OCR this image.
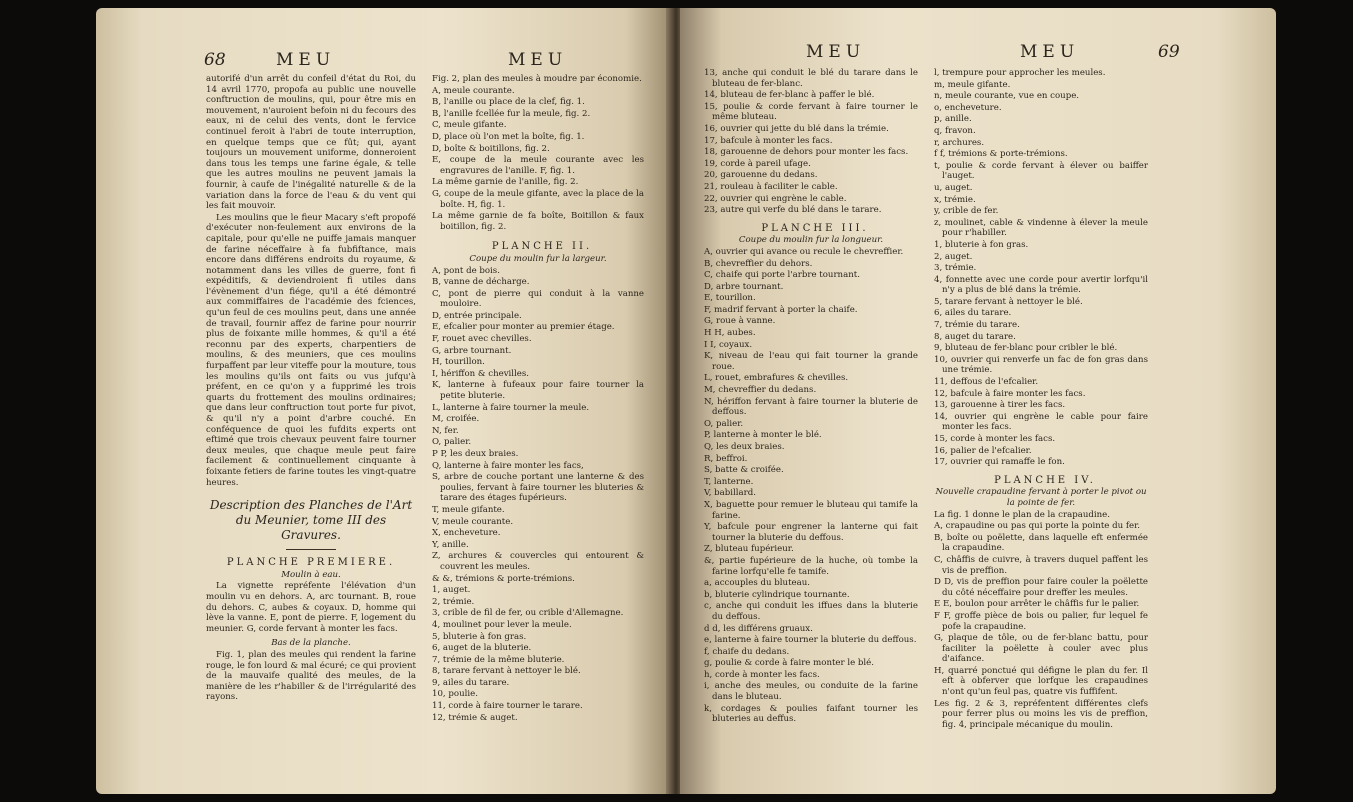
68	MEU	MEU

autorifé d'un arrêt du confeil d'état du Roi, du 14 avril 1770, propofa au public une nouvelle conftruction de moulins, qui, pour être mis en mouvement, n'auroient befoin ni du fecours des eaux, ni de celui des vents, dont le fervice continuel feroit à l'abri de toute interruption, en quelque temps que ce fût; qui, ayant toujours un mouvement uniforme, donneroient dans tous les temps une farine égale, & telle que les autres moulins ne peuvent jamais la fournir, à caufe de l'inégalité naturelle & de la variation dans la force de l'eau & du vent qui les fait mouvoir.

Les moulins que le fieur Macary s'eft propofé d'exécuter non-feulement aux environs de la capitale, pour qu'elle ne puiffe jamais manquer de farine néceffaire à fa fubfiftance, mais encore dans différens endroits du royaume, & notamment dans les villes de guerre, font fi expéditifs, & deviendroient fi utiles dans l'évènement d'un fiége, qu'il a été démontré aux commiffaires de l'académie des fciences, qu'un feul de ces moulins peut, dans une année de travail, fournir affez de farine pour nourrir plus de foixante mille hommes, & qu'il a été reconnu par des experts, charpentiers de moulins, & des meuniers, que ces moulins furpaffent par leur viteffe pour la mouture, tous les moulins qu'ils ont faits ou vus jufqu'à préfent, en ce qu'on y a fupprimé les trois quarts du frottement des moulins ordinaires; que dans leur conftruction tout porte fur pivot, & qu'il n'y a point d'arbre couché. En conféquence de quoi les fufdits experts ont eftimé que trois chevaux peuvent faire tourner deux meules, que chaque meule peut faire facilement & continuellement cinquante à foixante fetiers de farine toutes les vingt-quatre heures.

Description des Planches de l'Art du Meunier, tome III des Gravures.

PLANCHE PREMIERE.

Moulin à eau.

La vignette repréfente l'élévation d'un moulin vu en dehors. A, arc tournant. B, roue du dehors. C, aubes & coyaux. D, homme qui lève la vanne. E, pont de pierre. F, logement du meunier. G, corde fervant à monter les facs.

Bas de la planche.

Fig. 1, plan des meules qui rendent la farine rouge, le fon lourd & mal écuré; ce qui provient de la mauvaife qualité des meules, de la manière de les r'habiller & de l'irrégularité des rayons.

Fig. 2, plan des meules à moudre par économie.

A, meule courante.

B, l'anille ou place de la clef, fig. 1.

B, l'anille fcellée fur la meule, fig. 2.

C, meule gifante.

D, place où l'on met la boîte, fig. 1.

D, boîte & boitillons, fig. 2.

E, coupe de la meule courante avec les engravures de l'anille. F, fig. 1.

La même garnie de l'anille, fig. 2.

G, coupe de la meule gifante, avec la place de la boîte. H, fig. 1.

La même garnie de fa boîte, Boitillon & faux boitillon, fig. 2.

PLANCHE II.

Coupe du moulin fur la largeur.

A, pont de bois.

B, vanne de décharge.

C, pont de pierre qui conduit à la vanne mouloire.

D, entrée principale.

E, efcalier pour monter au premier étage.

F, rouet avec chevilles.

G, arbre tournant.

H, tourillon.

I, hériffon & chevilles.

K, lanterne à fufeaux pour faire tourner la petite bluterie.

L, lanterne à faire tourner la meule.

M, croifée.

N, fer.

O, palier.

P P, les deux braies.

Q, lanterne à faire monter les facs,

S, arbre de couche portant une lanterne & des poulies, fervant à faire tourner les bluteries & tarare des étages fupérieurs.

T, meule gifante.

V, meule courante.

X, encheveture.

Y, anille.

Z, archures & couvercles qui entourent & couvrent les meules.

& &, trémions & porte-trémions.

1, auget.

2, trémie.

3, crible de fil de fer, ou crible d'Allemagne.

4, moulinet pour lever la meule.

5, bluterie à fon gras.

6, auget de la bluterie.

7, trémie de la même bluterie.

8, tarare fervant à nettoyer le blé.

9, ailes du tarare.

10, poulie.

11, corde à faire tourner le tarare.

12, trémie & auget.

MEU	MEU	69

13, anche qui conduit le blé du tarare dans le bluteau de fer-blanc.

14, bluteau de fer-blanc à paffer le blé.

15, poulie & corde fervant à faire tourner le même bluteau.

16, ouvrier qui jette du blé dans la trémie.

17, bafcule à monter les facs.

18, garouenne de dehors pour monter les facs.

19, corde à pareil ufage.

20, garouenne du dedans.

21, rouleau à faciliter le cable.

22, ouvrier qui engrène le cable.

23, autre qui verfe du blé dans le tarare.

PLANCHE III.

Coupe du moulin fur la longueur.

A, ouvrier qui avance ou recule le chevreffier.

B, chevreffier du dehors.

C, chaife qui porte l'arbre tournant.

D, arbre tournant.

E, tourillon.

F, madrif fervant à porter la chaife.

G, roue à vanne.

H H, aubes.

I I, coyaux.

K, niveau de l'eau qui fait tourner la grande roue.

L, rouet, embrafures & chevilles.

M, chevreffier du dedans.

N, hériffon fervant à faire tourner la bluterie de deffous.

O, palier.

P, lanterne à monter le blé.

Q, les deux braies.

R, beffroi.

S, batte & croifée.

T, lanterne.

V, babillard.

X, baguette pour remuer le bluteau qui tamife la farine.

Y, bafcule pour engrener la lanterne qui fait tourner la bluterie du deffous.

Z, bluteau fupérieur.

&, partie fupérieure de la huche, où tombe la farine lorfqu'elle fe tamife.

a, accouples du bluteau.

b, bluterie cylindrique tournante.

c, anche qui conduit les iffues dans la bluterie du deffous.

d d, les différens gruaux.

e, lanterne à faire tourner la bluterie du deffous.

f, chaife du dedans.

g, poulie & corde à faire monter le blé.

h, corde à monter les facs.

i, anche des meules, ou conduite de la farine dans le bluteau.

k, cordages & poulies faifant tourner les bluteries au deffus.

l, trempure pour approcher les meules.

m, meule gifante.

n, meule courante, vue en coupe.

o, encheveture.

p, anille.

q, fravon.

r, archures.

f f, trémions & porte-trémions.

t, poulie & corde fervant à élever ou baiffer l'auget.

u, auget.

x, trémie.

y, crible de fer.

z, moulinet, cable & vindenne à élever la meule pour r'habiller.

1, bluterie à fon gras.

2, auget.

3, trémie.

4, fonnette avec une corde pour avertir lorfqu'il n'y a plus de blé dans la trémie.

5, tarare fervant à nettoyer le blé.

6, ailes du tarare.

7, trémie du tarare.

8, auget du tarare.

9, bluteau de fer-blanc pour cribler le blé.

10, ouvrier qui renverfe un fac de fon gras dans une trémie.

11, deffous de l'efcalier.

12, bafcule à faire monter les facs.

13, garouenne à tirer les facs.

14, ouvrier qui engrène le cable pour faire monter les facs.

15, corde à monter les facs.

16, palier de l'efcalier.

17, ouvrier qui ramaffe le fon.

PLANCHE IV.

Nouvelle crapaudine fervant à porter le pivot ou la pointe de fer.

La fig. 1 donne le plan de la crapaudine.

A, crapaudine ou pas qui porte la pointe du fer.

B, boîte ou poëlette, dans laquelle eft enfermée la crapaudine.

C, châffis de cuivre, à travers duquel paffent les vis de preffion.

D D, vis de preffion pour faire couler la poëlette du côté néceffaire pour dreffer les meules.

E E, boulon pour arrêter le châffis fur le palier.

F F, groffe pièce de bois ou palier, fur lequel fe pofe la crapaudine.

G, plaque de tôle, ou de fer-blanc battu, pour faciliter la poëlette à couler avec plus d'aifance.

H, quarré ponctué qui défigne le plan du fer. Il eft à obferver que lorfque les crapaudines n'ont qu'un feul pas, quatre vis fuffifent.

Les fig. 2 & 3, repréfentent différentes clefs pour ferrer plus ou moins les vis de preffion, fig. 4, principale mécanique du moulin.
